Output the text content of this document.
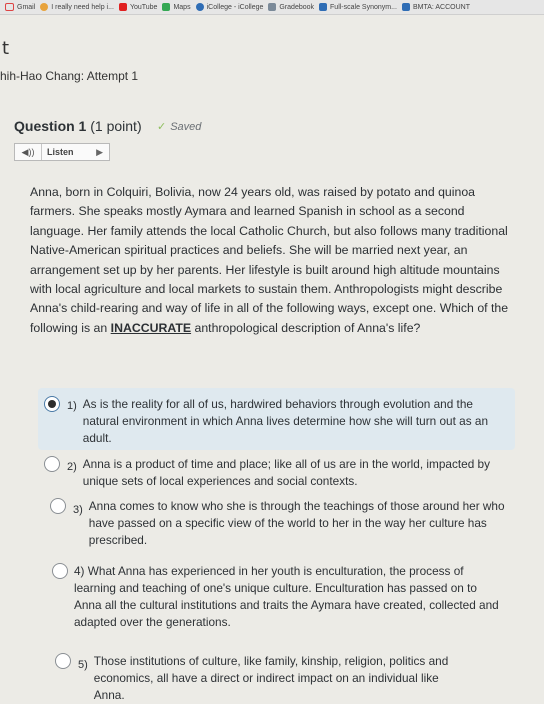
Gmail I really need help i... YouTube Maps iCollege - iCollege Gradebook Full-scale Synonym... BMTA: ACCOUNT
t
hih-Hao Chang: Attempt 1
Question 1 (1 point) ✓ Saved
◀))	Listen	▶
Anna, born in Colquiri, Bolivia, now 24 years old, was raised by potato and quinoa farmers. She speaks mostly Aymara and learned Spanish in school as a second language. Her family attends the local Catholic Church, but also follows many traditional Native-American spiritual practices and beliefs. She will be married next year, an arrangement set up by her parents. Her lifestyle is built around high altitude mountains with local agriculture and local markets to sustain them. Anthropologists might describe Anna's child-rearing and way of life in all of the following ways, except one. Which of the following is an INACCURATE anthropological description of Anna's life?
1) As is the reality for all of us, hardwired behaviors through evolution and the natural environment in which Anna lives determine how she will turn out as an adult.
2) Anna is a product of time and place; like all of us are in the world, impacted by unique sets of local experiences and social contexts.
3) Anna comes to know who she is through the teachings of those around her who have passed on a specific view of the world to her in the way her culture has prescribed.
4) What Anna has experienced in her youth is enculturation, the process of learning and teaching of one's unique culture. Enculturation has passed on to Anna all the cultural institutions and traits the Aymara have created, collected and adapted over the generations.
5) Those institutions of culture, like family, kinship, religion, politics and economics, all have a direct or indirect impact on an individual like Anna.
